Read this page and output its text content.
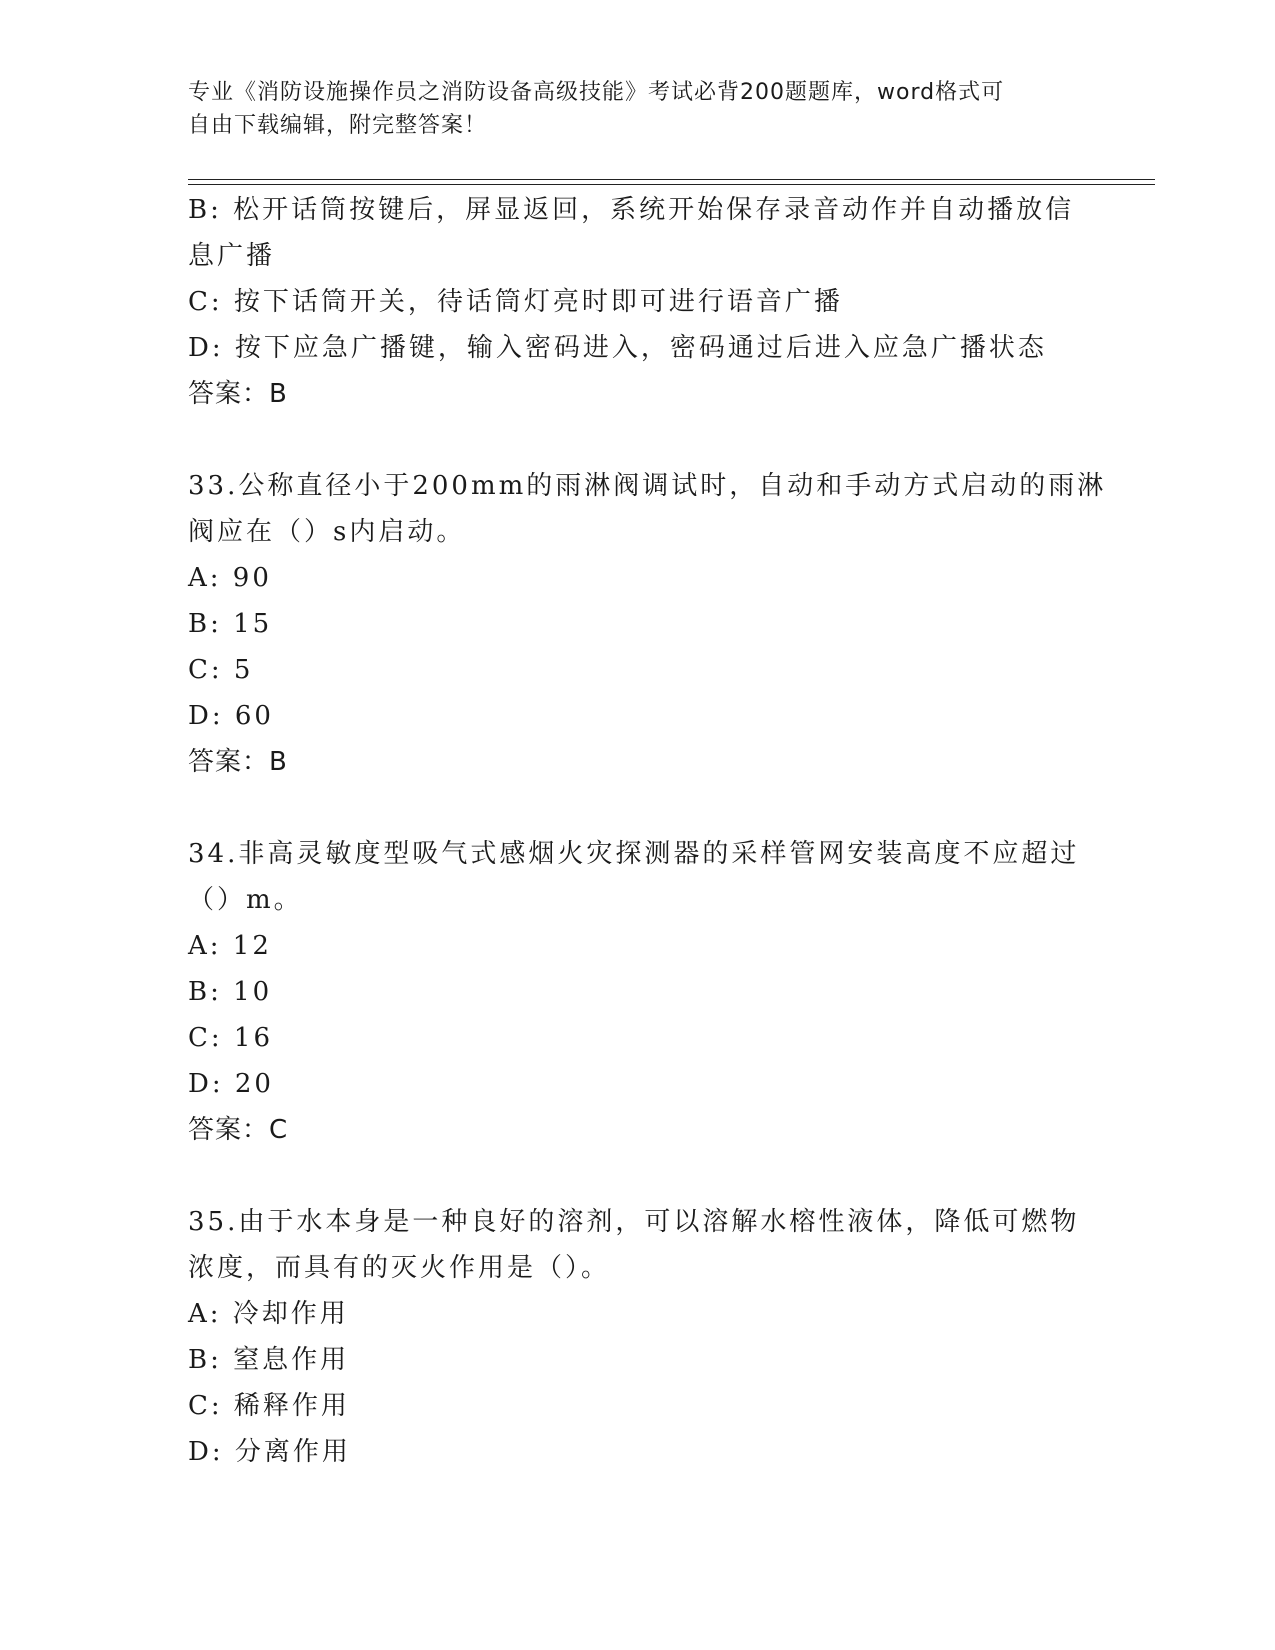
专业《消防设施操作员之消防设备高级技能》考试必背200题题库，word格式可
自由下载编辑，附完整答案！
B: 松开话筒按键后，屏显返回，系统开始保存录音动作并自动播放信
息广播
C: 按下话筒开关，待话筒灯亮时即可进行语音广播
D: 按下应急广播键，输入密码进入，密码通过后进入应急广播状态
答案：B
33.公称直径小于200mm的雨淋阀调试时，自动和手动方式启动的雨淋
阀应在（）s内启动。
A: 90
B: 15
C: 5
D: 60
答案：B
34.非高灵敏度型吸气式感烟火灾探测器的采样管网安装高度不应超过
（）m。
A: 12
B: 10
C: 16
D: 20
答案：C
35.由于水本身是一种良好的溶剂，可以溶解水榕性液体，降低可燃物
浓度，而具有的灭火作用是（）。
A: 冷却作用
B: 窒息作用
C: 稀释作用
D: 分离作用
